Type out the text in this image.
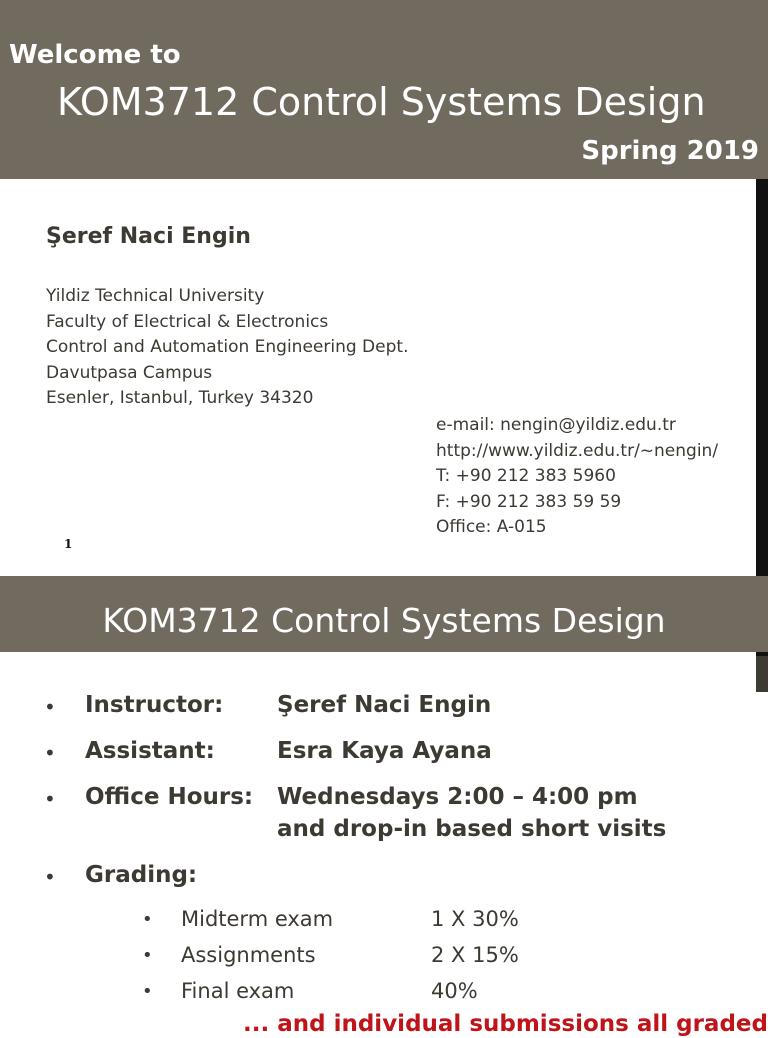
Welcome to
KOM3712 Control Systems Design
Spring 2019
Şeref Naci Engin
Yildiz Technical University
Faculty of Electrical & Electronics
Control and Automation Engineering Dept.
Davutpasa Campus
Esenler, Istanbul, Turkey 34320
e-mail: nengin@yildiz.edu.tr
http://www.yildiz.edu.tr/~nengin/
T: +90 212 383 5960
F: +90 212 383 59 59
Office: A-015
1
KOM3712 Control Systems Design
• Instructor: Şeref Naci Engin
• Assistant:	Esra Kaya Ayana
• Office Hours: Wednesdays 2:00 – 4:00 pm
and drop-in based short visits
• Grading:
• Midterm exam	1 X 30%
• Assignments	2 X 15%
• Final exam	40%
... and individual submissions all graded
